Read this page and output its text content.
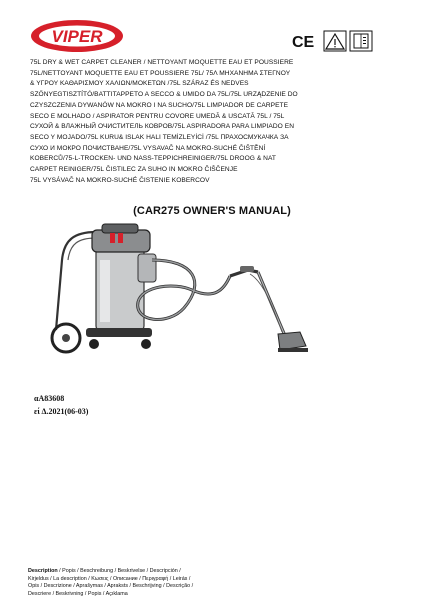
VIPER	CE
75L DRY & WET CARPET CLEANER / NETTOYANT MOQUETTE EAU ET POUSSIERE
75L/NETTOYANT MOQUETTE EAU ET POUSSIERE 75L/ 75Λ ΜΗΧΑΝΗΜΑ ΣΤΕΓΝΟΥ
& ΥΓΡΟΥ ΚΑΘΑΡΙΣΜΟΥ ΧΑΛΙΩΝ/ΜΟΚΕΤΩΝ /75L SZÁRAZ ÉS NEDVES
SZŐNYEGTISZTÍTÓ/BATTITAPPETO A SECCO & UMIDO DA 75L/75L URZĄDZENIE DO
CZYSZCZENIA DYWANÓW NA MOKRO I NA SUCHO/75L LIMPIADOR DE CARPETE
SECO E MOLHADO / ASPIRATOR PENTRU COVORE UMEDĂ & USCATĂ 75L / 75L
СУХОЙ & ВЛАЖНЫЙ ОЧИСТИТЕЛЬ КОВРОВ/75L ASPIRADORA PARA LIMPIADO EN
SECO Y MOJADO/75L KURU& ISLAK HALI TEMİZLEYİCİ /75L ПРАХОСМУКАЧКА ЗА
СУХО И МОКРО ПОЧИСТВАНЕ/75L VYSAVAČ NA MOKRO-SUCHÉ ČIŠTĚNÍ
KOBERCŮ/75-L-TROCKEN- UND NASS-TEPPICHREINIGER/75L DROOG & NAT
CARPET REINIGER/75L ČISTILEC ZA SUHO IN MOKRO ČIŠČENJE
75L VYSÁVAČ NA MOKRO-SUCHÉ ČISTENIE KOBERCOV
(CAR275 OWNER'S MANUAL)
αA83608
εί Δ.2021(06-03)
Description / Popis / Beschreibung / Beskrivelse / Descripción /
Kirjeldus / La description / Κωσεις / Опиcaние / Περιγραφή / Leirás /
Opis / Descrizione / Aprašymas / Apraksts / Beschrijving / Descrição /
Descriere / Beskrivning / Popis / Açıklama
